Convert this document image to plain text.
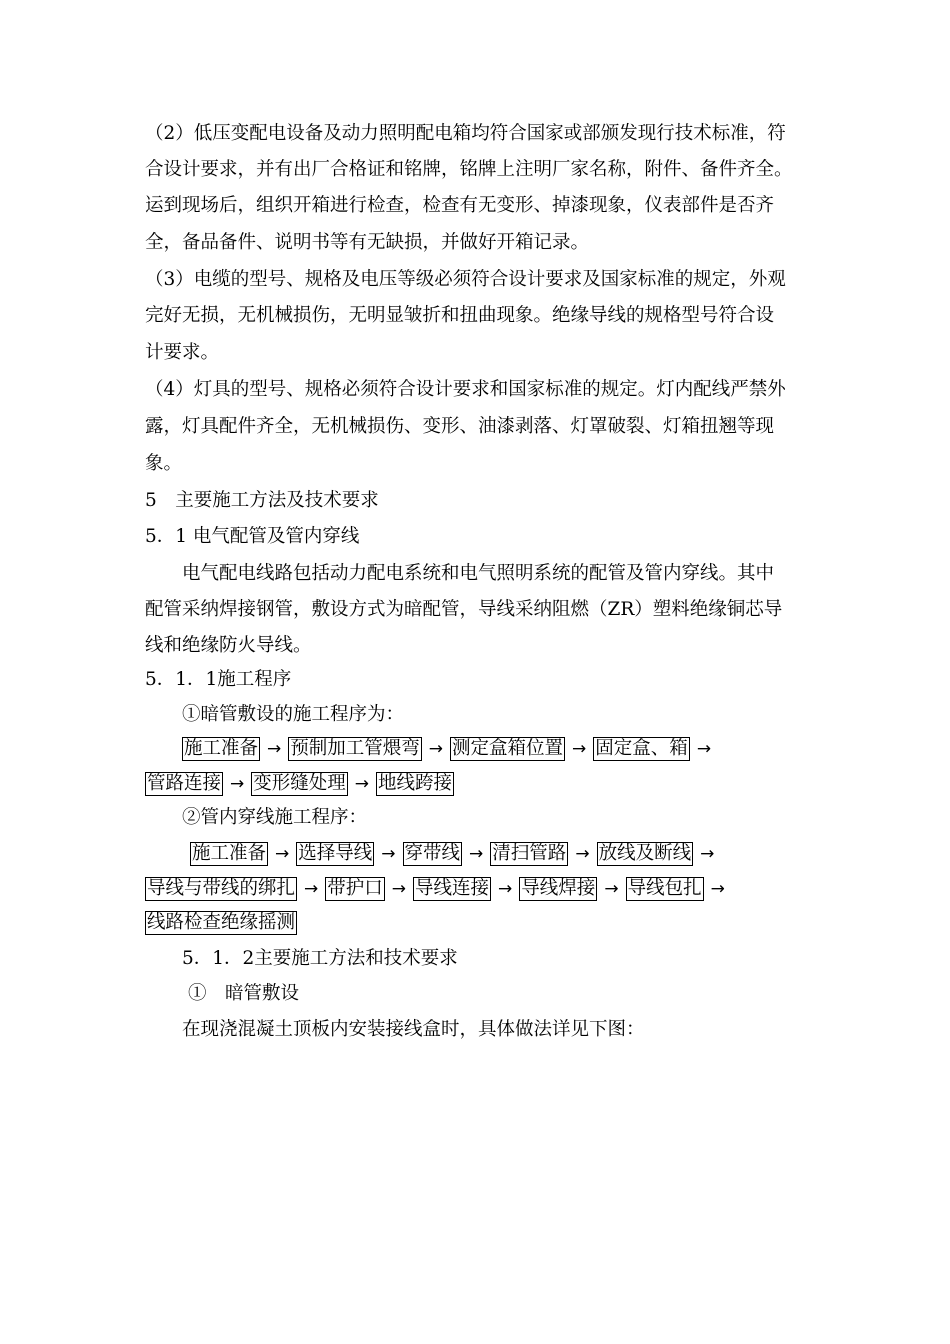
（2）低压变配电设备及动力照明配电箱均符合国家或部颁发现行技术标准，符
合设计要求，并有出厂合格证和铭牌，铭牌上注明厂家名称，附件、备件齐全。
运到现场后，组织开箱进行检查，检查有无变形、掉漆现象，仪表部件是否齐
全，备品备件、说明书等有无缺损，并做好开箱记录。
（3）电缆的型号、规格及电压等级必须符合设计要求及国家标准的规定，外观
完好无损，无机械损伤，无明显皱折和扭曲现象。绝缘导线的规格型号符合设
计要求。
（4）灯具的型号、规格必须符合设计要求和国家标准的规定。灯内配线严禁外
露，灯具配件齐全，无机械损伤、变形、油漆剥落、灯罩破裂、灯箱扭翘等现
象。
5　主要施工方法及技术要求
5．1 电气配管及管内穿线
电气配电线路包括动力配电系统和电气照明系统的配管及管内穿线。其中
配管采纳焊接钢管，敷设方式为暗配管，导线采纳阻燃（ZR）塑料绝缘铜芯导
线和绝缘防火导线。
5．1．1施工程序
①暗管敷设的施工程序为：
施工准备 → 预制加工管煨弯 → 测定盒箱位置 → 固定盒、箱 →
管路连接 → 变形缝处理 → 地线跨接
②管内穿线施工程序：
施工准备 → 选择导线 → 穿带线 → 清扫管路 → 放线及断线 →
导线与带线的绑扎 → 带护口 → 导线连接 → 导线焊接 → 导线包扎 →
线路检查绝缘摇测
5．1．2主要施工方法和技术要求
①　暗管敷设
在现浇混凝土顶板内安装接线盒时，具体做法详见下图：
